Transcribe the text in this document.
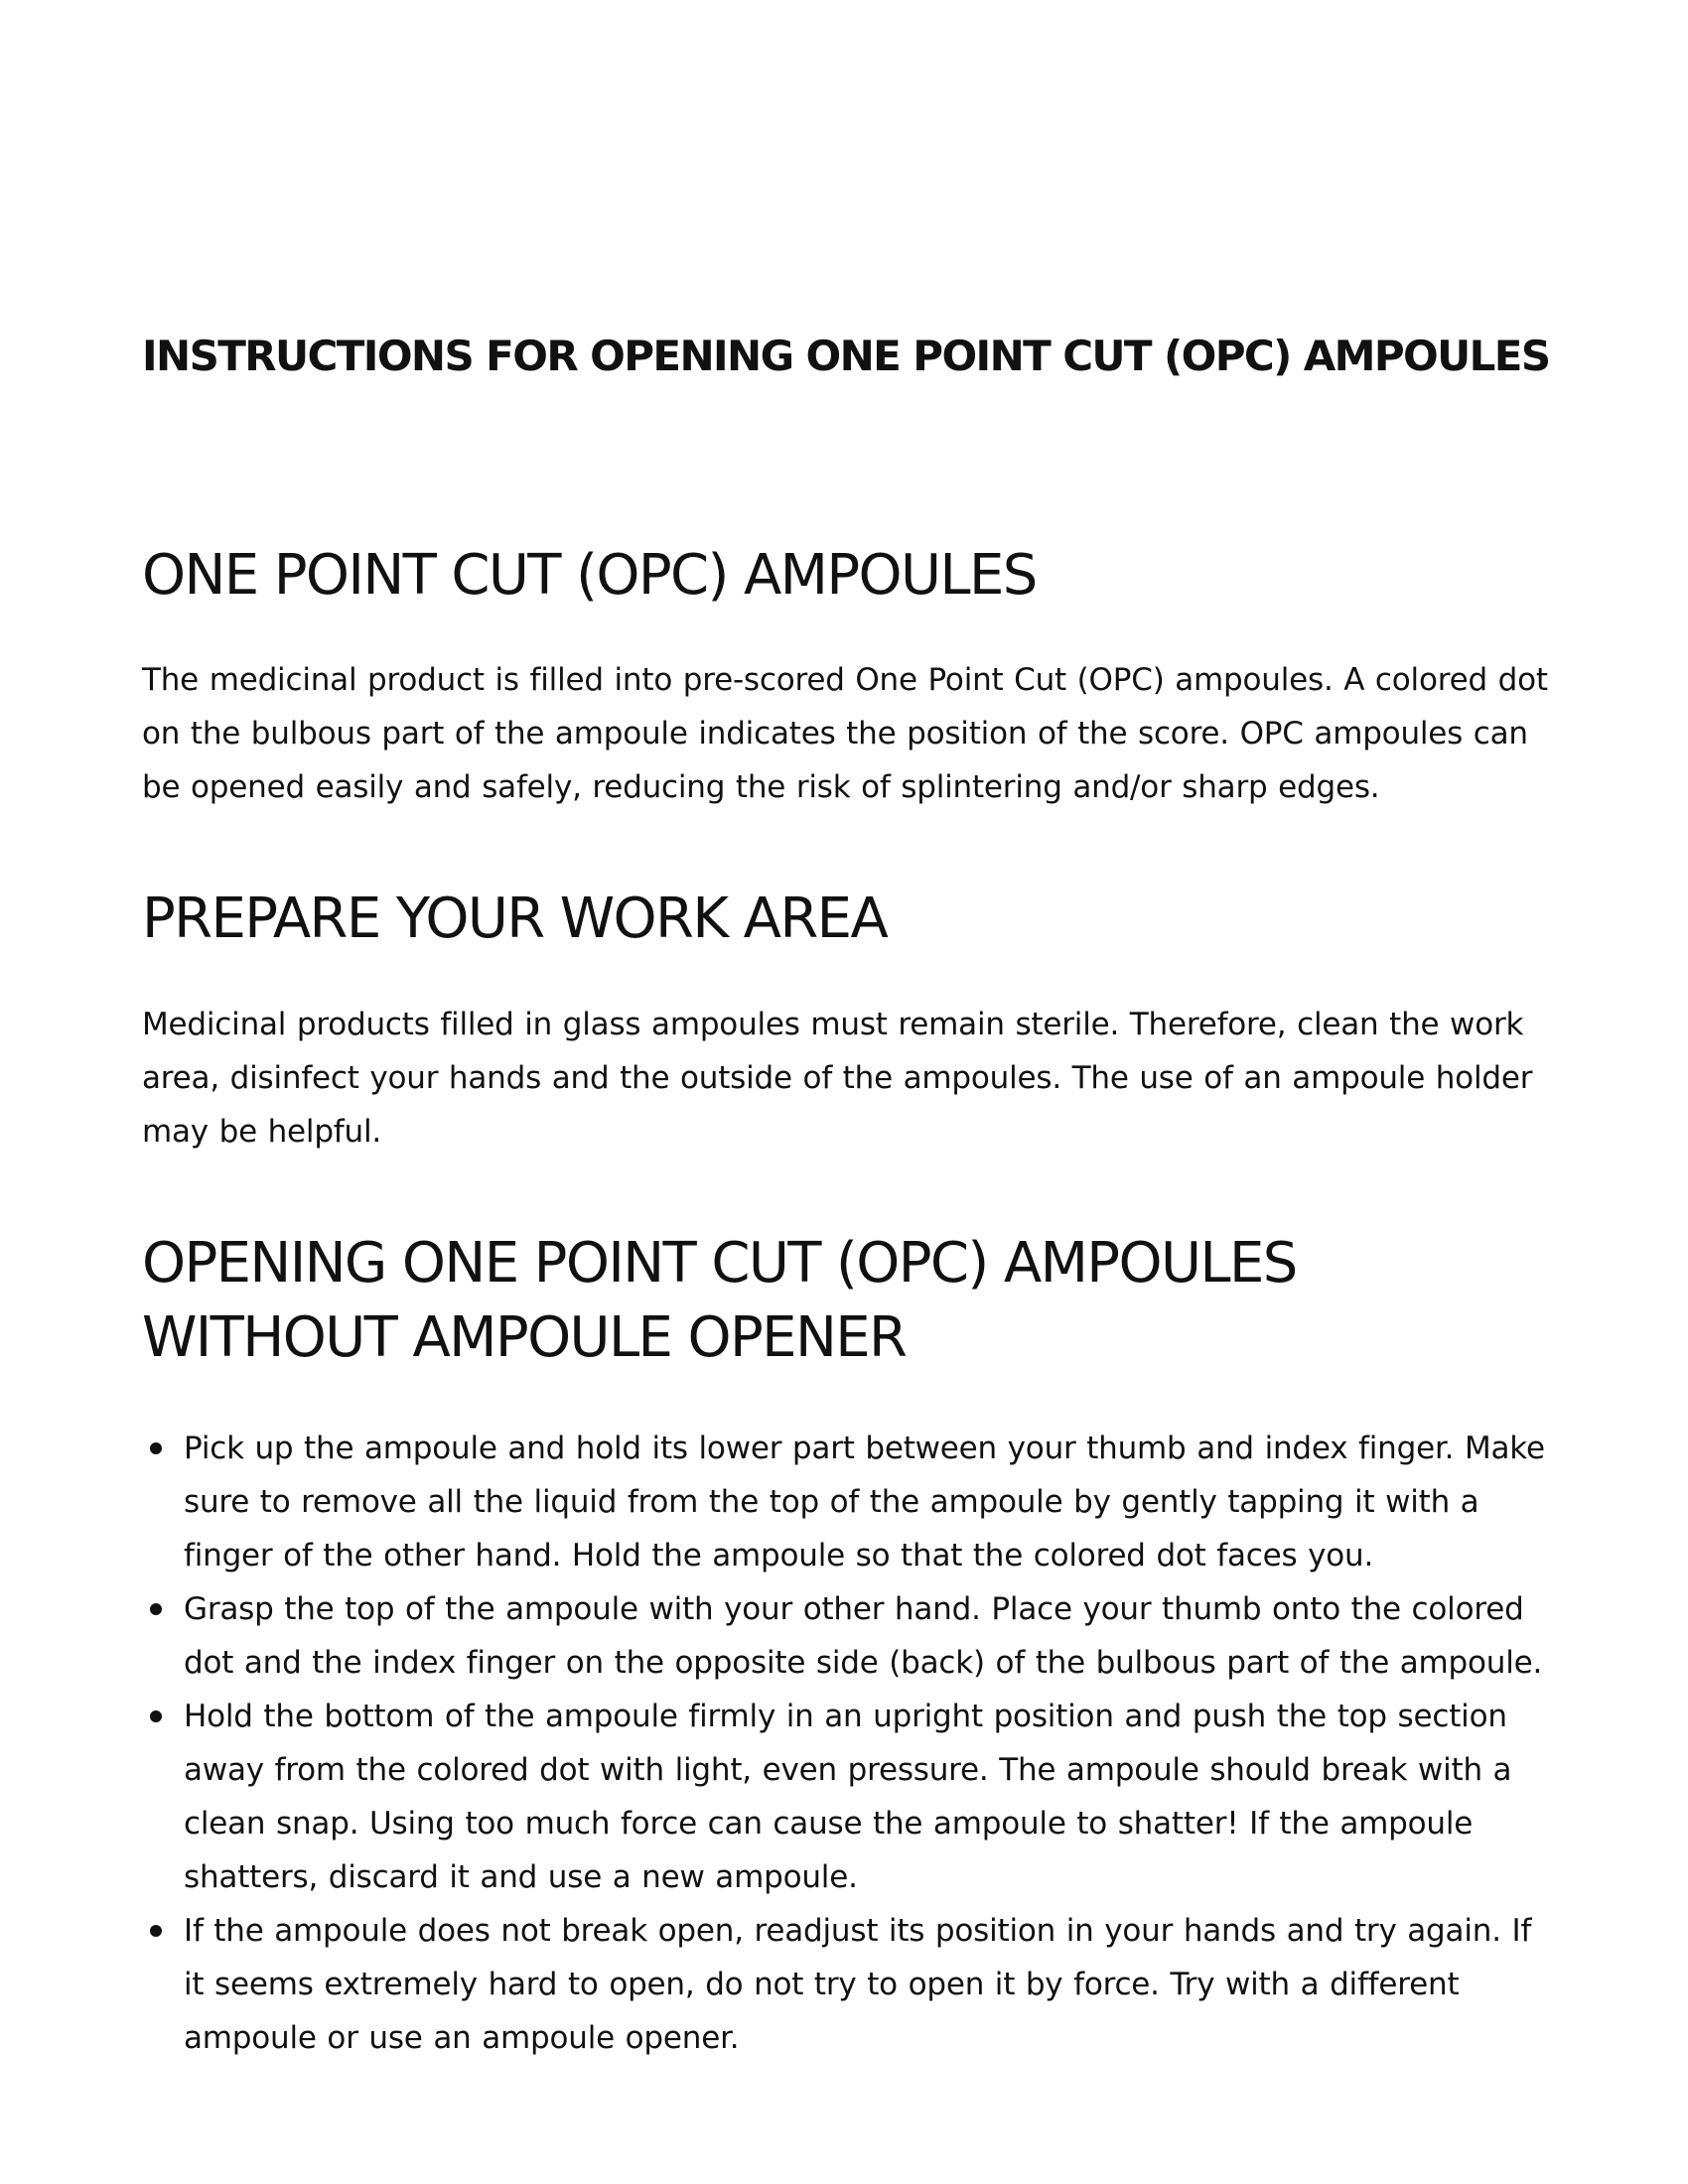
INSTRUCTIONS FOR OPENING ONE POINT CUT (OPC) AMPOULES
ONE POINT CUT (OPC) AMPOULES

The medicinal product is filled into pre-scored One Point Cut (OPC) ampoules. A colored dot on the bulbous part of the ampoule indicates the position of the score. OPC ampoules can be opened easily and safely, reducing the risk of splintering and/or sharp edges.

PREPARE YOUR WORK AREA

Medicinal products filled in glass ampoules must remain sterile. Therefore, clean the work area, disinfect your hands and the outside of the ampoules. The use of an ampoule holder may be helpful.

OPENING ONE POINT CUT (OPC) AMPOULES WITHOUT AMPOULE OPENER
Pick up the ampoule and hold its lower part between your thumb and index finger. Make sure to remove all the liquid from the top of the ampoule by gently tapping it with a finger of the other hand. Hold the ampoule so that the colored dot faces you.
Grasp the top of the ampoule with your other hand. Place your thumb onto the colored dot and the index finger on the opposite side (back) of the bulbous part of the ampoule.
Hold the bottom of the ampoule firmly in an upright position and push the top section away from the colored dot with light, even pressure. The ampoule should break with a clean snap. Using too much force can cause the ampoule to shatter! If the ampoule shatters, discard it and use a new ampoule.
If the ampoule does not break open, readjust its position in your hands and try again. If it seems extremely hard to open, do not try to open it by force. Try with a different ampoule or use an ampoule opener.
